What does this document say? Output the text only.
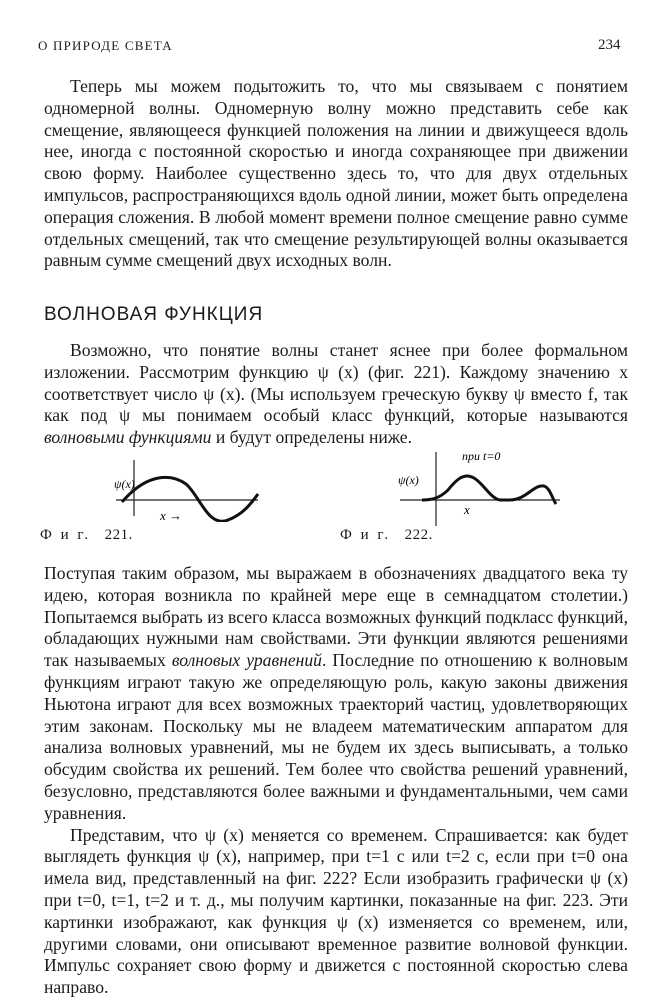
О ПРИРОДЕ СВЕТА	234

Теперь мы можем подытожить то, что мы связываем с понятием одномерной волны. Одномерную волну можно представить себе как смещение, являющееся функцией положения на линии и движущееся вдоль нее, иногда с постоянной скоростью и иногда сохраняющее при движении свою форму. Наиболее существенно здесь то, что для двух отдельных импульсов, распространяющихся вдоль одной линии, может быть определена операция сложения. В любой момент времени полное смещение равно сумме отдельных смещений, так что смещение результирующей волны оказывается равным сумме смещений двух исходных волн.

ВОЛНОВАЯ ФУНКЦИЯ

Возможно, что понятие волны станет яснее при более формальном изложении. Рассмотрим функцию ψ (x) (фиг. 221). Каждому значению x соответствует число ψ (x). (Мы используем греческую букву ψ вместо f, так как под ψ мы понимаем особый класс функций, которые называются волновыми функциями и будут определены ниже.

ψ(x)
x →
Ф и г. 221.
ψ(x)
x
при t=0
Ф и г. 222.

Поступая таким образом, мы выражаем в обозначениях двадцатого века ту идею, которая возникла по крайней мере еще в семнадцатом столетии.) Попытаемся выбрать из всего класса возможных функций подкласс функций, обладающих нужными нам свойствами. Эти функции являются решениями так называемых волновых уравнений. Последние по отношению к волновым функциям играют такую же определяющую роль, какую законы движения Ньютона играют для всех возможных траекторий частиц, удовлетворяющих этим законам. Поскольку мы не владеем математическим аппаратом для анализа волновых уравнений, мы не будем их здесь выписывать, а только обсудим свойства их решений. Тем более что свойства решений уравнений, безусловно, представляются более важными и фундаментальными, чем сами уравнения.

Представим, что ψ (x) меняется со временем. Спрашивается: как будет выглядеть функция ψ (x), например, при t=1 с или t=2 с, если при t=0 она имела вид, представленный на фиг. 222? Если изобразить графически ψ (x) при t=0, t=1, t=2 и т. д., мы получим картинки, показанные на фиг. 223. Эти картинки изображают, как функция ψ (x) изменяется со временем, или, другими словами, они описывают временное развитие волновой функции. Импульс сохраняет свою форму и движется с постоянной скоростью слева направо.
